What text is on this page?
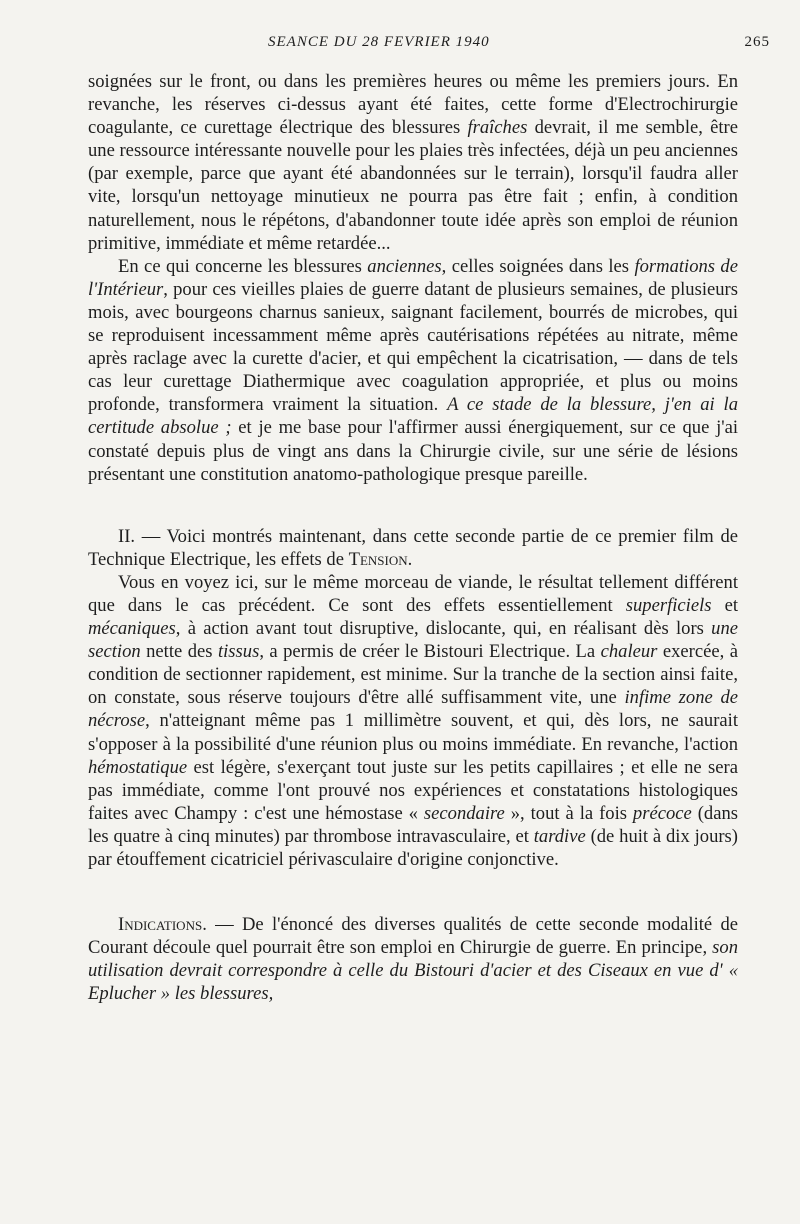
SEANCE DU 28 FEVRIER 1940	265

soignées sur le front, ou dans les premières heures ou même les premiers jours. En revanche, les réserves ci-dessus ayant été faites, cette forme d'Electrochirurgie coagulante, ce curettage électrique des blessures fraîches devrait, il me semble, être une ressource intéressante nouvelle pour les plaies très infectées, déjà un peu anciennes (par exemple, parce que ayant été abandonnées sur le terrain), lorsqu'il faudra aller vite, lorsqu'un nettoyage minutieux ne pourra pas être fait ; enfin, à condition naturellement, nous le répétons, d'abandonner toute idée après son emploi de réunion primitive, immédiate et même retardée...

En ce qui concerne les blessures anciennes, celles soignées dans les formations de l'Intérieur, pour ces vieilles plaies de guerre datant de plusieurs semaines, de plusieurs mois, avec bourgeons charnus sanieux, saignant facilement, bourrés de microbes, qui se reproduisent incessamment même après cautérisations répétées au nitrate, même après raclage avec la curette d'acier, et qui empêchent la cicatrisation, — dans de tels cas leur curettage Diathermique avec coagulation appropriée, et plus ou moins profonde, transformera vraiment la situation. A ce stade de la blessure, j'en ai la certitude absolue ; et je me base pour l'affirmer aussi énergiquement, sur ce que j'ai constaté depuis plus de vingt ans dans la Chirurgie civile, sur une série de lésions présentant une constitution anatomo-pathologique presque pareille.

II. — Voici montrés maintenant, dans cette seconde partie de ce premier film de Technique Electrique, les effets de Tension.

Vous en voyez ici, sur le même morceau de viande, le résultat tellement différent que dans le cas précédent. Ce sont des effets essentiellement superficiels et mécaniques, à action avant tout disruptive, dislocante, qui, en réalisant dès lors une section nette des tissus, a permis de créer le Bistouri Electrique. La chaleur exercée, à condition de sectionner rapidement, est minime. Sur la tranche de la section ainsi faite, on constate, sous réserve toujours d'être allé suffisamment vite, une infime zone de nécrose, n'atteignant même pas 1 millimètre souvent, et qui, dès lors, ne saurait s'opposer à la possibilité d'une réunion plus ou moins immédiate. En revanche, l'action hémostatique est légère, s'exerçant tout juste sur les petits capillaires ; et elle ne sera pas immédiate, comme l'ont prouvé nos expériences et constatations histologiques faites avec Champy : c'est une hémostase « secondaire », tout à la fois précoce (dans les quatre à cinq minutes) par thrombose intravasculaire, et tardive (de huit à dix jours) par étouffement cicatriciel périvasculaire d'origine conjonctive.

Indications. — De l'énoncé des diverses qualités de cette seconde modalité de Courant découle quel pourrait être son emploi en Chirurgie de guerre. En principe, son utilisation devrait correspondre à celle du Bistouri d'acier et des Ciseaux en vue d' « Eplucher » les blessures,
